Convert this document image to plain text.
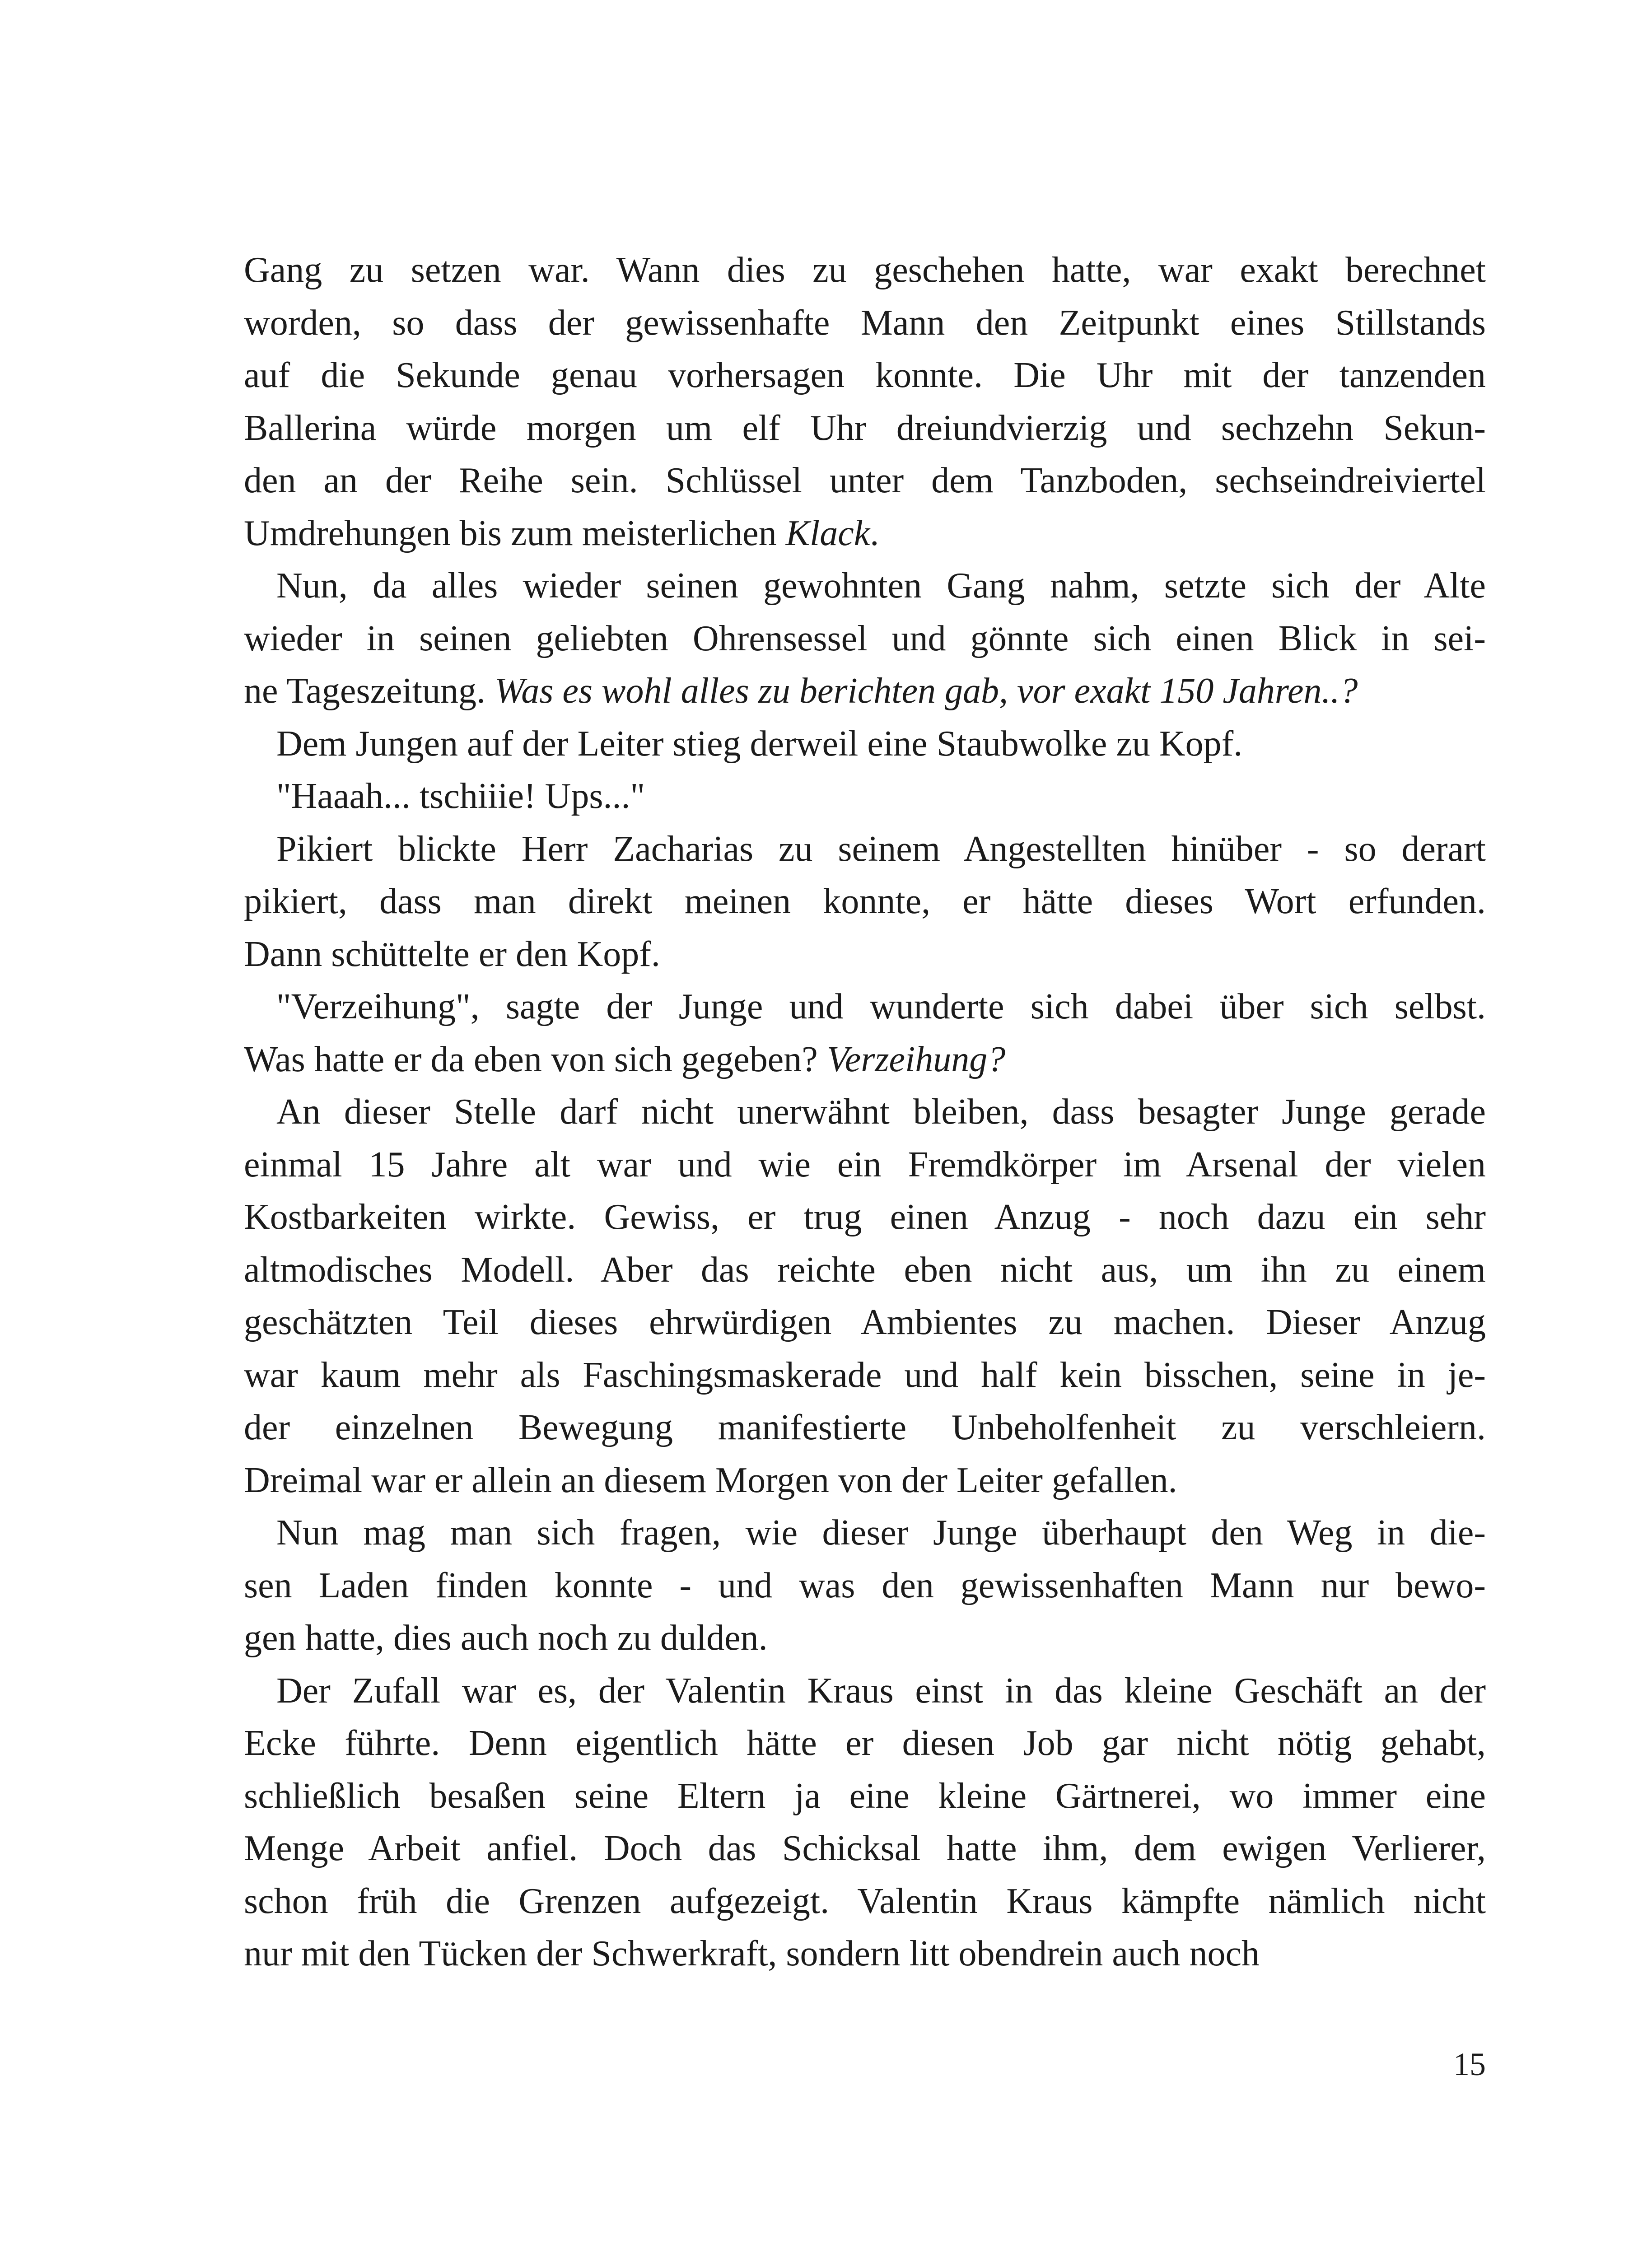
Gang zu setzen war. Wann dies zu geschehen hatte, war exakt berechnet
worden, so dass der gewissenhafte Mann den Zeitpunkt eines Stillstands
auf die Sekunde genau vorhersagen konnte. Die Uhr mit der tanzenden
Ballerina würde morgen um elf Uhr dreiundvierzig und sechzehn Sekun-
den an der Reihe sein. Schlüssel unter dem Tanzboden, sechseindreiviertel
Umdrehungen bis zum meisterlichen Klack.
Nun, da alles wieder seinen gewohnten Gang nahm, setzte sich der Alte
wieder in seinen geliebten Ohrensessel und gönnte sich einen Blick in sei-
ne Tageszeitung. Was es wohl alles zu berichten gab, vor exakt 150 Jahren..?
Dem Jungen auf der Leiter stieg derweil eine Staubwolke zu Kopf.
"Haaah... tschiiie! Ups..."
Pikiert blickte Herr Zacharias zu seinem Angestellten hinüber - so derart
pikiert, dass man direkt meinen konnte, er hätte dieses Wort erfunden.
Dann schüttelte er den Kopf.
"Verzeihung", sagte der Junge und wunderte sich dabei über sich selbst.
Was hatte er da eben von sich gegeben? Verzeihung?
An dieser Stelle darf nicht unerwähnt bleiben, dass besagter Junge gerade
einmal 15 Jahre alt war und wie ein Fremdkörper im Arsenal der vielen
Kostbarkeiten wirkte. Gewiss, er trug einen Anzug - noch dazu ein sehr
altmodisches Modell. Aber das reichte eben nicht aus, um ihn zu einem
geschätzten Teil dieses ehrwürdigen Ambientes zu machen. Dieser Anzug
war kaum mehr als Faschingsmaskerade und half kein bisschen, seine in je-
der einzelnen Bewegung manifestierte Unbeholfenheit zu verschleiern.
Dreimal war er allein an diesem Morgen von der Leiter gefallen.
Nun mag man sich fragen, wie dieser Junge überhaupt den Weg in die-
sen Laden finden konnte - und was den gewissenhaften Mann nur bewo-
gen hatte, dies auch noch zu dulden.
Der Zufall war es, der Valentin Kraus einst in das kleine Geschäft an der
Ecke führte. Denn eigentlich hätte er diesen Job gar nicht nötig gehabt,
schließlich besaßen seine Eltern ja eine kleine Gärtnerei, wo immer eine
Menge Arbeit anfiel. Doch das Schicksal hatte ihm, dem ewigen Verlierer,
schon früh die Grenzen aufgezeigt. Valentin Kraus kämpfte nämlich nicht
nur mit den Tücken der Schwerkraft, sondern litt obendrein auch noch
15
